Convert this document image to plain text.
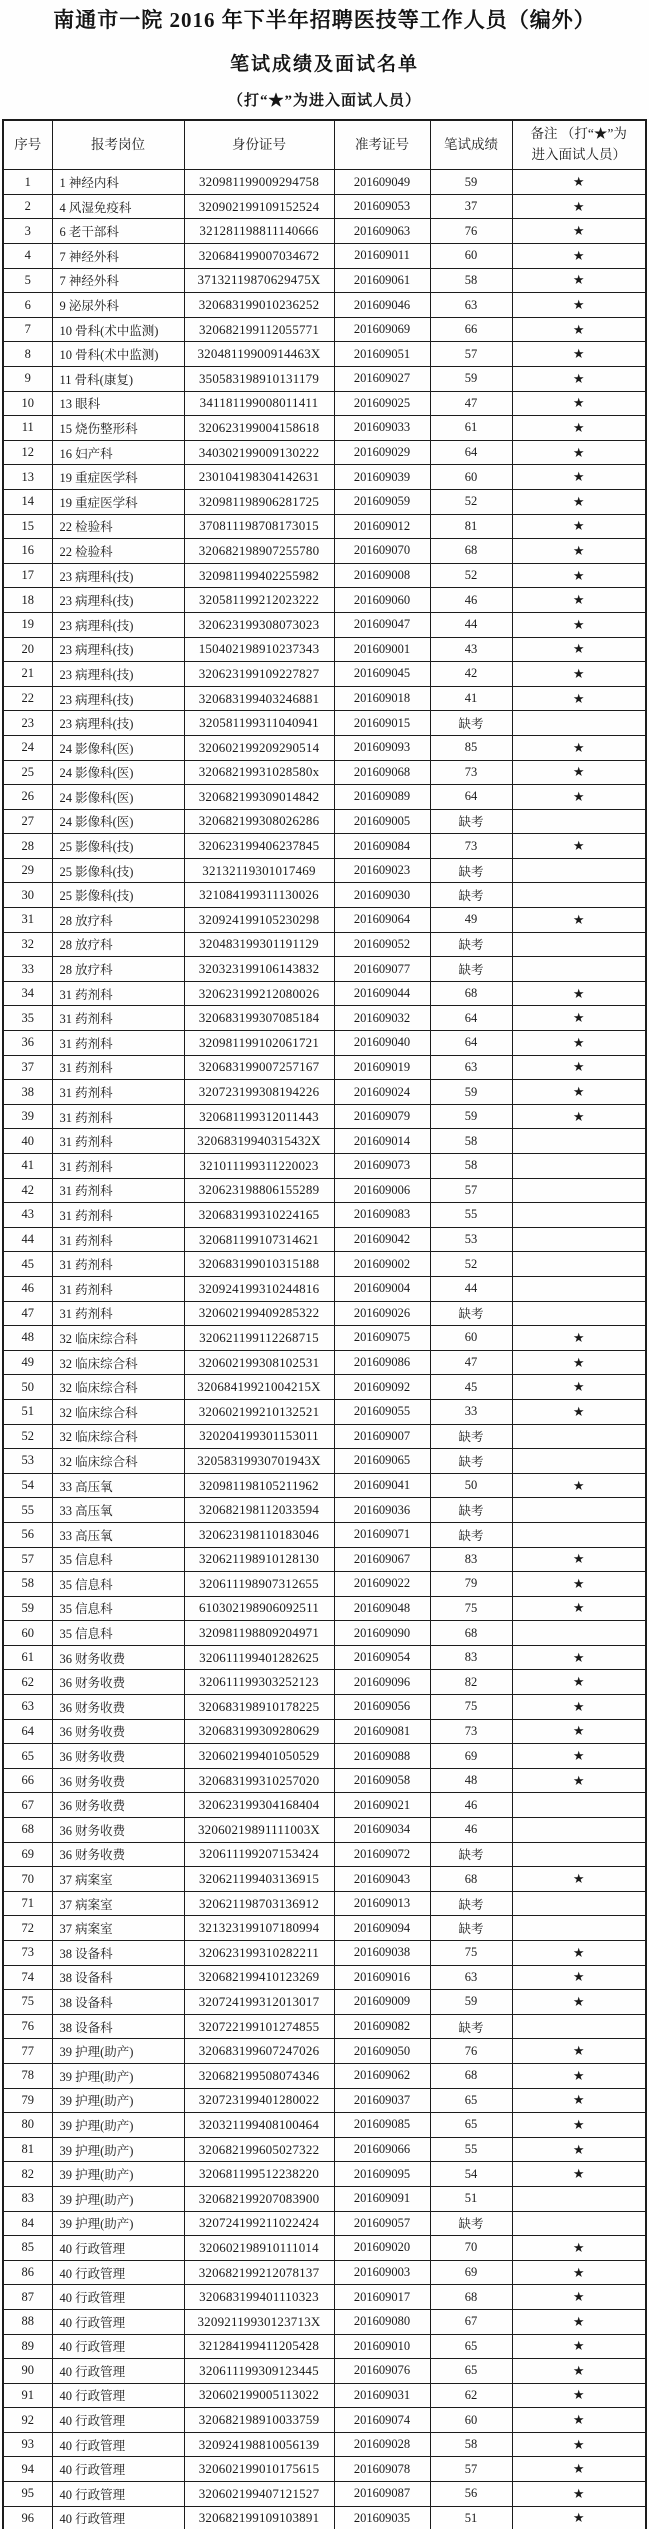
南通市一院 2016 年下半年招聘医技等工作人员（编外）
笔试成绩及面试名单
（打“★”为进入面试人员）
序号	报考岗位	身份证号	准考证号	笔试成绩	备注 （打“★”为
进入面试人员）
1	1 神经内科	320981199009294758	201609049	59	★
2	4 风湿免疫科	320902199109152524	201609053	37	★
3	6 老干部科	321281198811140666	201609063	76	★
4	7 神经外科	320684199007034672	201609011	60	★
5	7 神经外科	37132119870629475X	201609061	58	★
6	9 泌尿外科	320683199010236252	201609046	63	★
7	10 骨科(术中监测)	320682199112055771	201609069	66	★
8	10 骨科(术中监测)	32048119900914463X	201609051	57	★
9	11 骨科(康复)	350583198910131179	201609027	59	★
10	13 眼科	341181199008011411	201609025	47	★
11	15 烧伤整形科	320623199004158618	201609033	61	★
12	16 妇产科	340302199009130222	201609029	64	★
13	19 重症医学科	230104198304142631	201609039	60	★
14	19 重症医学科	320981198906281725	201609059	52	★
15	22 检验科	370811198708173015	201609012	81	★
16	22 检验科	320682198907255780	201609070	68	★
17	23 病理科(技)	320981199402255982	201609008	52	★
18	23 病理科(技)	320581199212023222	201609060	46	★
19	23 病理科(技)	320623199308073023	201609047	44	★
20	23 病理科(技)	150402198910237343	201609001	43	★
21	23 病理科(技)	320623199109227827	201609045	42	★
22	23 病理科(技)	320683199403246881	201609018	41	★
23	23 病理科(技)	320581199311040941	201609015	缺考	
24	24 影像科(医)	320602199209290514	201609093	85	★
25	24 影像科(医)	32068219931028580x	201609068	73	★
26	24 影像科(医)	320682199309014842	201609089	64	★
27	24 影像科(医)	320682199308026286	201609005	缺考	
28	25 影像科(技)	320623199406237845	201609084	73	★
29	25 影像科(技)	32132119301017469	201609023	缺考	
30	25 影像科(技)	321084199311130026	201609030	缺考	
31	28 放疗科	320924199105230298	201609064	49	★
32	28 放疗科	320483199301191129	201609052	缺考	
33	28 放疗科	320323199106143832	201609077	缺考	
34	31 药剂科	320623199212080026	201609044	68	★
35	31 药剂科	320683199307085184	201609032	64	★
36	31 药剂科	320981199102061721	201609040	64	★
37	31 药剂科	320683199007257167	201609019	63	★
38	31 药剂科	320723199308194226	201609024	59	★
39	31 药剂科	320681199312011443	201609079	59	★
40	31 药剂科	32068319940315432X	201609014	58	
41	31 药剂科	321011199311220023	201609073	58	
42	31 药剂科	320623198806155289	201609006	57	
43	31 药剂科	320683199310224165	201609083	55	
44	31 药剂科	320681199107314621	201609042	53	
45	31 药剂科	320683199010315188	201609002	52	
46	31 药剂科	320924199310244816	201609004	44	
47	31 药剂科	320602199409285322	201609026	缺考	
48	32 临床综合科	320621199112268715	201609075	60	★
49	32 临床综合科	320602199308102531	201609086	47	★
50	32 临床综合科	32068419921004215X	201609092	45	★
51	32 临床综合科	320602199210132521	201609055	33	★
52	32 临床综合科	320204199301153011	201609007	缺考	
53	32 临床综合科	32058319930701943X	201609065	缺考	
54	33 高压氧	320981198105211962	201609041	50	★
55	33 高压氧	320682198112033594	201609036	缺考	
56	33 高压氧	320623198110183046	201609071	缺考	
57	35 信息科	320621198910128130	201609067	83	★
58	35 信息科	320611198907312655	201609022	79	★
59	35 信息科	610302198906092511	201609048	75	★
60	35 信息科	320981198809204971	201609090	68	
61	36 财务收费	320611199401282625	201609054	83	★
62	36 财务收费	320611199303252123	201609096	82	★
63	36 财务收费	320683198910178225	201609056	75	★
64	36 财务收费	320683199309280629	201609081	73	★
65	36 财务收费	320602199401050529	201609088	69	★
66	36 财务收费	320683199310257020	201609058	48	★
67	36 财务收费	320623199304168404	201609021	46	
68	36 财务收费	32060219891111003X	201609034	46	
69	36 财务收费	320611199207153424	201609072	缺考	
70	37 病案室	320621199403136915	201609043	68	★
71	37 病案室	320621198703136912	201609013	缺考	
72	37 病案室	321323199107180994	201609094	缺考	
73	38 设备科	320623199310282211	201609038	75	★
74	38 设备科	320682199410123269	201609016	63	★
75	38 设备科	320724199312013017	201609009	59	★
76	38 设备科	320722199101274855	201609082	缺考	
77	39 护理(助产)	320683199607247026	201609050	76	★
78	39 护理(助产)	320682199508074346	201609062	68	★
79	39 护理(助产)	320723199401280022	201609037	65	★
80	39 护理(助产)	320321199408100464	201609085	65	★
81	39 护理(助产)	320682199605027322	201609066	55	★
82	39 护理(助产)	320681199512238220	201609095	54	★
83	39 护理(助产)	320682199207083900	201609091	51	
84	39 护理(助产)	320724199211022424	201609057	缺考	
85	40 行政管理	320602198910111014	201609020	70	★
86	40 行政管理	320682199212078137	201609003	69	★
87	40 行政管理	320683199401110323	201609017	68	★
88	40 行政管理	32092119930123713X	201609080	67	★
89	40 行政管理	321284199411205428	201609010	65	★
90	40 行政管理	320611199309123445	201609076	65	★
91	40 行政管理	320602199005113022	201609031	62	★
92	40 行政管理	320682198910033759	201609074	60	★
93	40 行政管理	320924198810056139	201609028	58	★
94	40 行政管理	320602199010175615	201609078	57	★
95	40 行政管理	320602199407121527	201609087	56	★
96	40 行政管理	320682199109103891	201609035	51	★
